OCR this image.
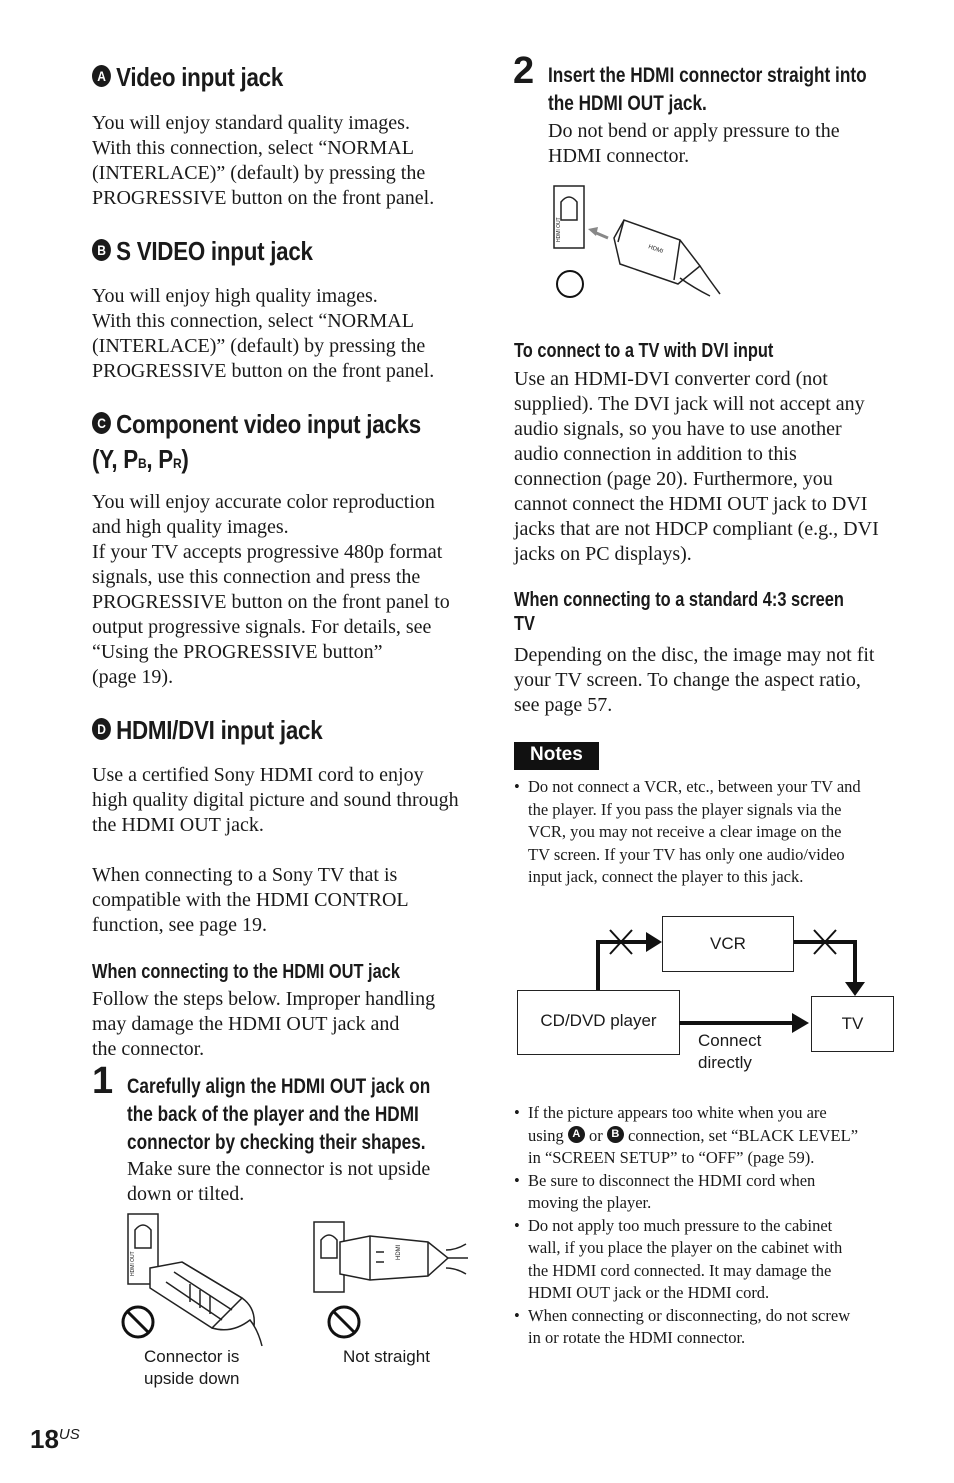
A Video input jack

You will enjoy standard quality images.

With this connection, select “NORMAL

(INTERLACE)” (default) by pressing the

PROGRESSIVE button on the front panel.

B S VIDEO input jack

You will enjoy high quality images.

With this connection, select “NORMAL

(INTERLACE)” (default) by pressing the

PROGRESSIVE button on the front panel.

C Component video input jacks
(Y, PB, PR)

You will enjoy accurate color reproduction

and high quality images.

If your TV accepts progressive 480p format

signals, use this connection and press the

PROGRESSIVE button on the front panel to

output progressive signals. For details, see

“Using the PROGRESSIVE button”

(page 19).

D HDMI/DVI input jack

Use a certified Sony HDMI cord to enjoy

high quality digital picture and sound through

the HDMI OUT jack.

When connecting to a Sony TV that is

compatible with the HDMI CONTROL

function, see page 19.

When connecting to the HDMI OUT jack

Follow the steps below. Improper handling

may damage the HDMI OUT jack and

the connector.

1 Carefully align the HDMI OUT jack on
the back of the player and the HDMI
connector by checking their shapes.

Make sure the connector is not upside

down or tilted.

HDMI OUT
Connector is
upside down
HDMI
Not straight
$18^{US}$
2 Insert the HDMI connector straight into
the HDMI OUT jack.

Do not bend or apply pressure to the

HDMI connector.

HDMI
HDMI OUT
To connect to a TV with DVI input

Use an HDMI-DVI converter cord (not

supplied). The DVI jack will not accept any

audio signals, so you have to use another

audio connection in addition to this

connection (page 20). Furthermore, you

cannot connect the HDMI OUT jack to DVI

jacks that are not HDCP compliant (e.g., DVI

jacks on PC displays).

When connecting to a standard 4:3 screen
TV

Depending on the disc, the image may not fit

your TV screen. To change the aspect ratio,

see page 57.

Notes
• Do not connect a VCR, etc., between your TV and
the player. If you pass the player signals via the
VCR, you may not receive a clear image on the
TV screen. If your TV has only one audio/video
input jack, connect the player to this jack.
VCR
CD/DVD player	TV
Connect
directly
• If the picture appears too white when you are
using A or B connection, set “BLACK LEVEL”
in “SCREEN SETUP” to “OFF” (page 59).
• Be sure to disconnect the HDMI cord when
moving the player.
• Do not apply too much pressure to the cabinet
wall, if you place the player on the cabinet with
the HDMI cord connected. It may damage the
HDMI OUT jack or the HDMI cord.
• When connecting or disconnecting, do not screw
in or rotate the HDMI connector.
